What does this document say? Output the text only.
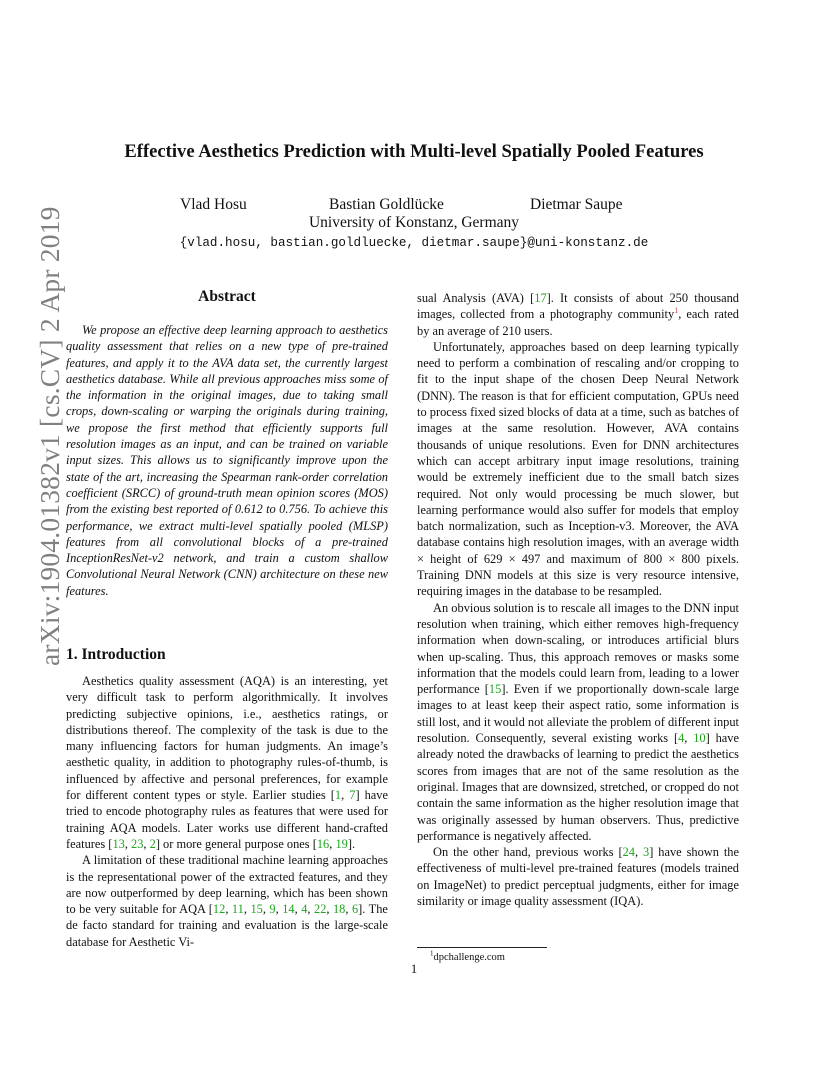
arXiv:1904.01382v1 [cs.CV] 2 Apr 2019
Effective Aesthetics Prediction with Multi-level Spatially Pooled Features
Vlad Hosu	Bastian Goldlücke	Dietmar Saupe
University of Konstanz, Germany
{vlad.hosu, bastian.goldluecke, dietmar.saupe}@uni-konstanz.de
Abstract

We propose an effective deep learning approach to aesthetics quality assessment that relies on a new type of pre-trained features, and apply it to the AVA data set, the currently largest aesthetics database. While all previous approaches miss some of the information in the original images, due to taking small crops, down-scaling or warping the originals during training, we propose the first method that efficiently supports full resolution images as an input, and can be trained on variable input sizes. This allows us to significantly improve upon the state of the art, increasing the Spearman rank-order correlation coefficient (SRCC) of ground-truth mean opinion scores (MOS) from the existing best reported of 0.612 to 0.756. To achieve this performance, we extract multi-level spatially pooled (MLSP) features from all convolutional blocks of a pre-trained InceptionResNet-v2 network, and train a custom shallow Convolutional Neural Network (CNN) architecture on these new features.

1. Introduction

Aesthetics quality assessment (AQA) is an interesting, yet very difficult task to perform algorithmically. It involves predicting subjective opinions, i.e., aesthetics ratings, or distributions thereof. The complexity of the task is due to the many influencing factors for human judgments. An image’s aesthetic quality, in addition to photography rules-of-thumb, is influenced by affective and personal preferences, for example for different content types or style. Earlier studies [1, 7] have tried to encode photography rules as features that were used for training AQA models. Later works use different hand-crafted features [13, 23, 2] or more general purpose ones [16, 19].

A limitation of these traditional machine learning approaches is the representational power of the extracted features, and they are now outperformed by deep learning, which has been shown to be very suitable for AQA [12, 11, 15, 9, 14, 4, 22, 18, 6]. The de facto standard for training and evaluation is the large-scale database for Aesthetic Vi-

sual Analysis (AVA) [17]. It consists of about 250 thousand images, collected from a photography community$^1$, each rated by an average of 210 users.

Unfortunately, approaches based on deep learning typically need to perform a combination of rescaling and/or cropping to fit to the input shape of the chosen Deep Neural Network (DNN). The reason is that for efficient computation, GPUs need to process fixed sized blocks of data at a time, such as batches of images at the same resolution. However, AVA contains thousands of unique resolutions. Even for DNN architectures which can accept arbitrary input image resolutions, training would be extremely inefficient due to the small batch sizes required. Not only would processing be much slower, but learning performance would also suffer for models that employ batch normalization, such as Inception-v3. Moreover, the AVA database contains high resolution images, with an average width × height of 629 × 497 and maximum of 800 × 800 pixels. Training DNN models at this size is very resource intensive, requiring images in the database to be resampled.

An obvious solution is to rescale all images to the DNN input resolution when training, which either removes high-frequency information when down-scaling, or introduces artificial blurs when up-scaling. Thus, this approach removes or masks some information that the models could learn from, leading to a lower performance [15]. Even if we proportionally down-scale large images to at least keep their aspect ratio, some information is still lost, and it would not alleviate the problem of different input resolution. Consequently, several existing works [4, 10] have already noted the drawbacks of learning to predict the aesthetics scores from images that are not of the same resolution as the original. Images that are downsized, stretched, or cropped do not contain the same information as the higher resolution image that was originally assessed by human observers. Thus, predictive performance is negatively affected.

On the other hand, previous works [24, 3] have shown the effectiveness of multi-level pre-trained features (models trained on ImageNet) to predict perceptual judgments, either for image similarity or image quality assessment (IQA).

$^1$dpchallenge.com
1
